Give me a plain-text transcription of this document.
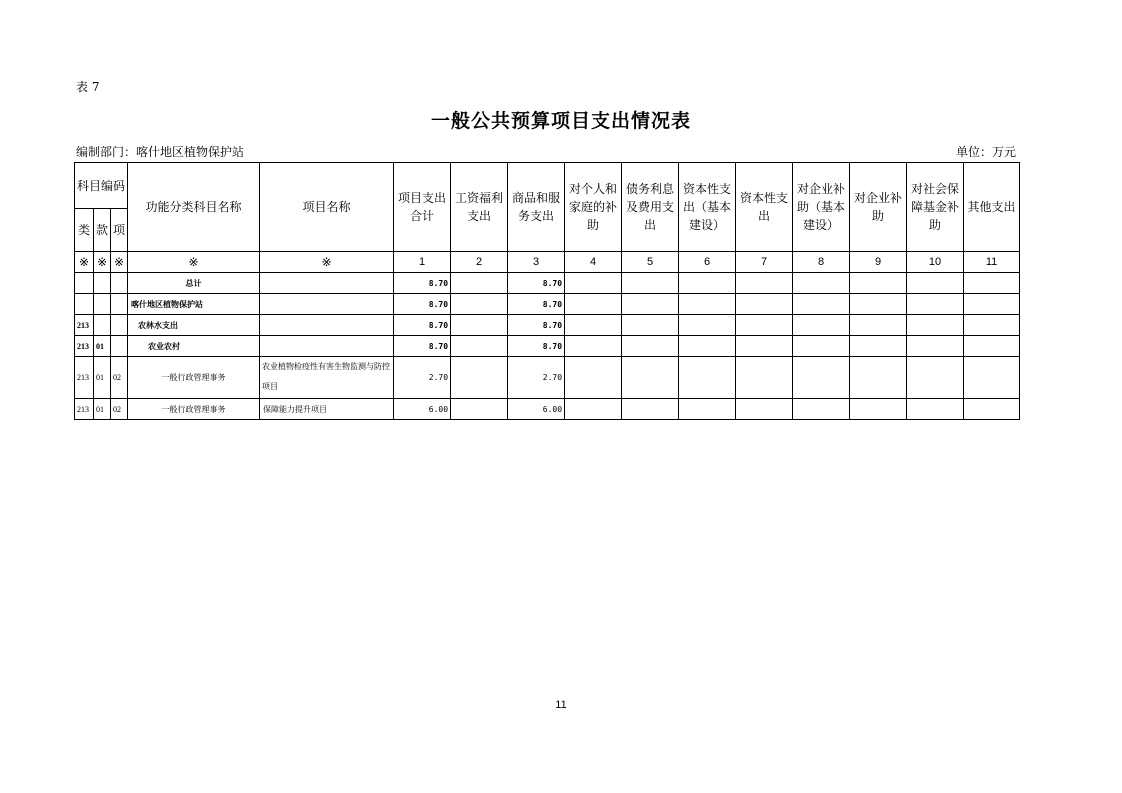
表 7
一般公共预算项目支出情况表
编制部门：喀什地区植物保护站	单位：万元
科目编码			功能分类科目名称	项目名称	项目支出合计	工资福利支出	商品和服务支出	对个人和家庭的补助	债务利息及费用支出	资本性支出（基本建设）	资本性支出	对企业补助（基本建设）	对企业补助	对社会保障基金补助	其他支出
类	款	项													
※	※	※	※	※	1	2	3	4	5	6	7	8	9	10	11
			总计		8.70		8.70								
			喀什地区植物保护站		8.70		8.70								
213			农林水支出		8.70		8.70								
213	01		农业农村		8.70		8.70								
213	01	02	一般行政管理事务	农业植物检疫性有害生物监测与防控项目	2.70		2.70								
213	01	02	一般行政管理事务	保障能力提升项目	6.00		6.00								
11
